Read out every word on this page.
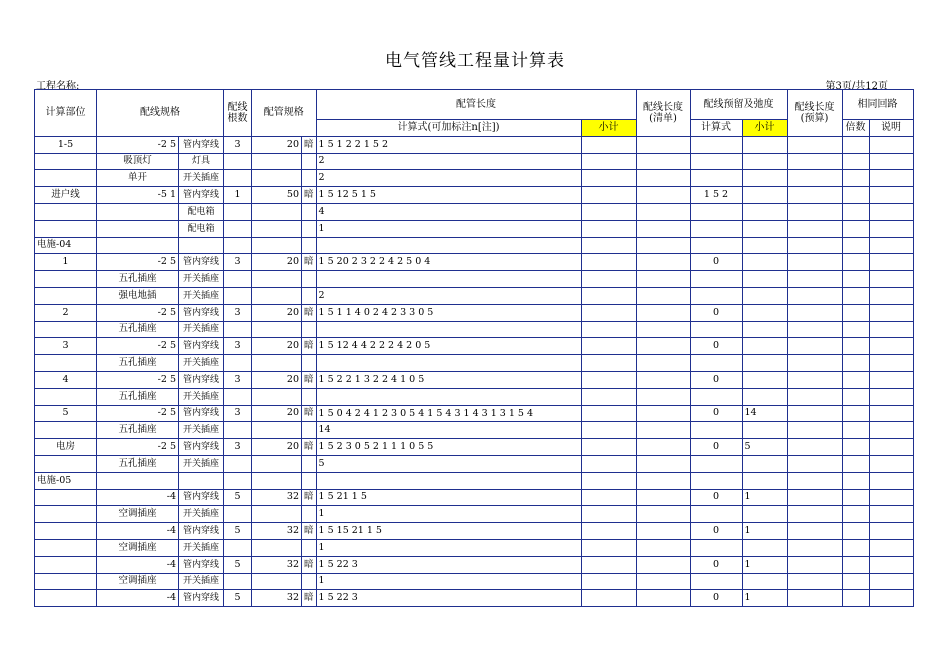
电气管线工程量计算表
工程名称:	第3页/共12页
计算部位	配线规格		配线根数	配管规格		配管长度		配线长度(清单)	配线预留及弛度		配线长度(预算)	相同回路	
						计算式(可加标注n[注])	小计		计算式	小计		倍数	说明
1-5	-2 5	管内穿线	3	20	暗	1 5 1 2 2 1 5 2							
	吸顶灯	灯具				2							
	单开	开关插座				2							
进户线	-5 1	管内穿线	1	50	暗	1 5 12 5 1 5			1 5 2				
		配电箱				4							
		配电箱				1							
电施-04													
1	-2 5	管内穿线	3	20	暗	1 5 20 2 3 2 2 4 2 5 0 4			0				
	五孔插座	开关插座											
	强电地插	开关插座				2							
2	-2 5	管内穿线	3	20	暗	1 5 1 1 4 0 2 4 2 3 3 0 5			0				
	五孔插座	开关插座											
3	-2 5	管内穿线	3	20	暗	1 5 12 4 4 2 2 2 4 2 0 5			0				
	五孔插座	开关插座											
4	-2 5	管内穿线	3	20	暗	1 5 2 2 1 3 2 2 4 1 0 5			0				
	五孔插座	开关插座											
5	-2 5	管内穿线	3	20	暗	1 5 0 4 2 4 1 2 3 0 5 4 1 5 4 3 1 4 3 1 3 1 5 4			0	14			
	五孔插座	开关插座				14							
电房	-2 5	管内穿线	3	20	暗	1 5 2 3 0 5 2 1 1 1 0 5 5			0	5			
	五孔插座	开关插座				5							
电施-05													
	-4	管内穿线	5	32	暗	1 5 21 1 5			0	1			
	空调插座	开关插座				1							
	-4	管内穿线	5	32	暗	1 5 15 21 1 5			0	1			
	空调插座	开关插座				1							
	-4	管内穿线	5	32	暗	1 5 22 3			0	1			
	空调插座	开关插座				1							
	-4	管内穿线	5	32	暗	1 5 22 3			0	1			
